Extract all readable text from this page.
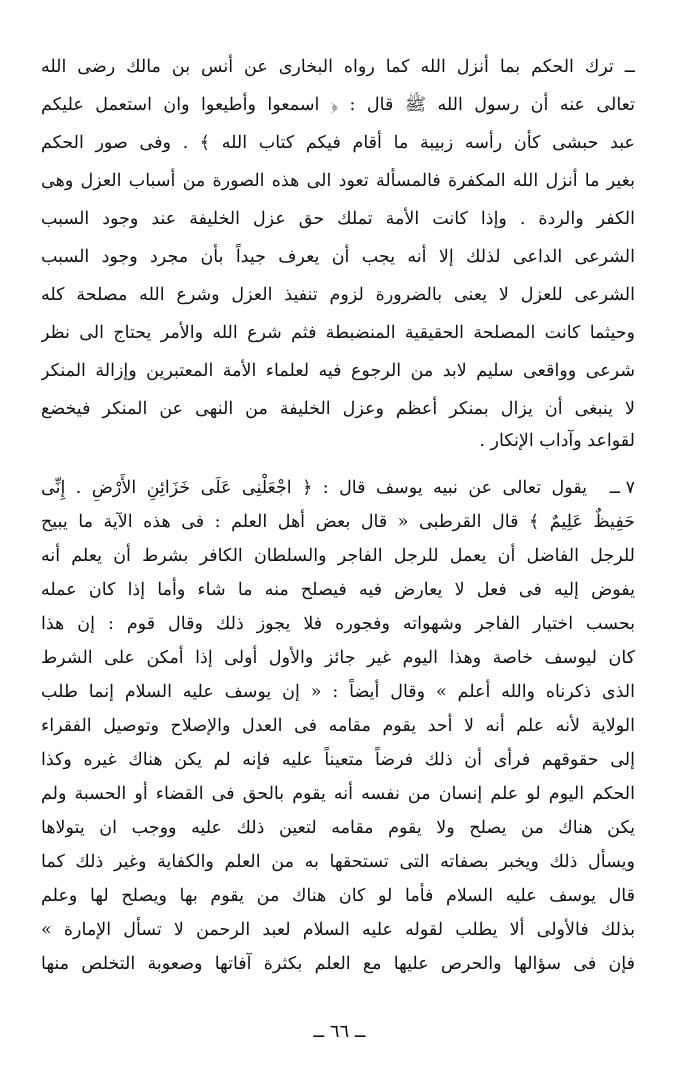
ــ ترك الحكم بما أنزل الله كما رواه البخارى عن أنس بن مالك رضى الله
تعالى عنه أن رسول الله ﷺ قال : ﴿ اسمعوا وأطيعوا وان استعمل عليكم
عبد حبشى كأن رأسه زبيبة ما أقام فيكم كتاب الله ﴾ . وفى صور الحكم
بغير ما أنزل الله المكفرة فالمسألة تعود الى هذه الصورة من أسباب العزل وهى
الكفر والردة . وإذا كانت الأمة تملك حق عزل الخليفة عند وجود السبب
الشرعى الداعى لذلك إلا أنه يجب أن يعرف جيداً بأن مجرد وجود السبب
الشرعى للعزل لا يعنى بالضرورة لزوم تنفيذ العزل وشرع الله مصلحة كله
وحيثما كانت المصلحة الحقيقية المنضبطة فثم شرع الله والأمر يحتاج الى نظر
شرعى وواقعى سليم لابد من الرجوع فيه لعلماء الأمة المعتبرين وإزالة المنكر
لا ينبغى أن يزال بمنكر أعظم وعزل الخليفة من النهى عن المنكر فيخضع
لقواعد وآداب الإنكار .
٧ ــ
يقول تعالى عن نبيه يوسف قال : ﴿ اجْعَلْنِى عَلَى خَزَائِنِ الأَرْضِ . إِنِّى
حَفِيظٌ عَلِيمٌ ﴾ قال القرطبى « قال بعض أهل العلم : فى هذه الآية ما يبيح
للرجل الفاضل أن يعمل للرجل الفاجر والسلطان الكافر بشرط أن يعلم أنه
يفوض إليه فى فعل لا يعارض فيه فيصلح منه ما شاء وأما إذا كان عمله
بحسب اختيار الفاجر وشهواته وفجوره فلا يجوز ذلك وقال قوم : إن هذا
كان ليوسف خاصة وهذا اليوم غير جائز والأول أولى إذا أمكن على الشرط
الذى ذكرناه والله أعلم » وقال أيضاً : « إن يوسف عليه السلام إنما طلب
الولاية لأنه علم أنه لا أحد يقوم مقامه فى العدل والإصلاح وتوصيل الفقراء
إلى حقوقهم فرأى أن ذلك فرضاً متعيناً عليه فإنه لم يكن هناك غيره وكذا
الحكم اليوم لو علم إنسان من نفسه أنه يقوم بالحق فى القضاء أو الحسبة ولم
يكن هناك من يصلح ولا يقوم مقامه لتعين ذلك عليه ووجب ان يتولاها
ويسأل ذلك ويخبر بصفاته التى تستحقها به من العلم والكفاية وغير ذلك كما
قال يوسف عليه السلام فأما لو كان هناك من يقوم بها ويصلح لها وعلم
بذلك فالأولى ألا يطلب لقوله عليه السلام لعبد الرحمن لا تسأل الإمارة »
فإن فى سؤالها والحرص عليها مع العلم بكثرة آفاتها وصعوبة التخلص منها
ــ ٦٦ ــ
